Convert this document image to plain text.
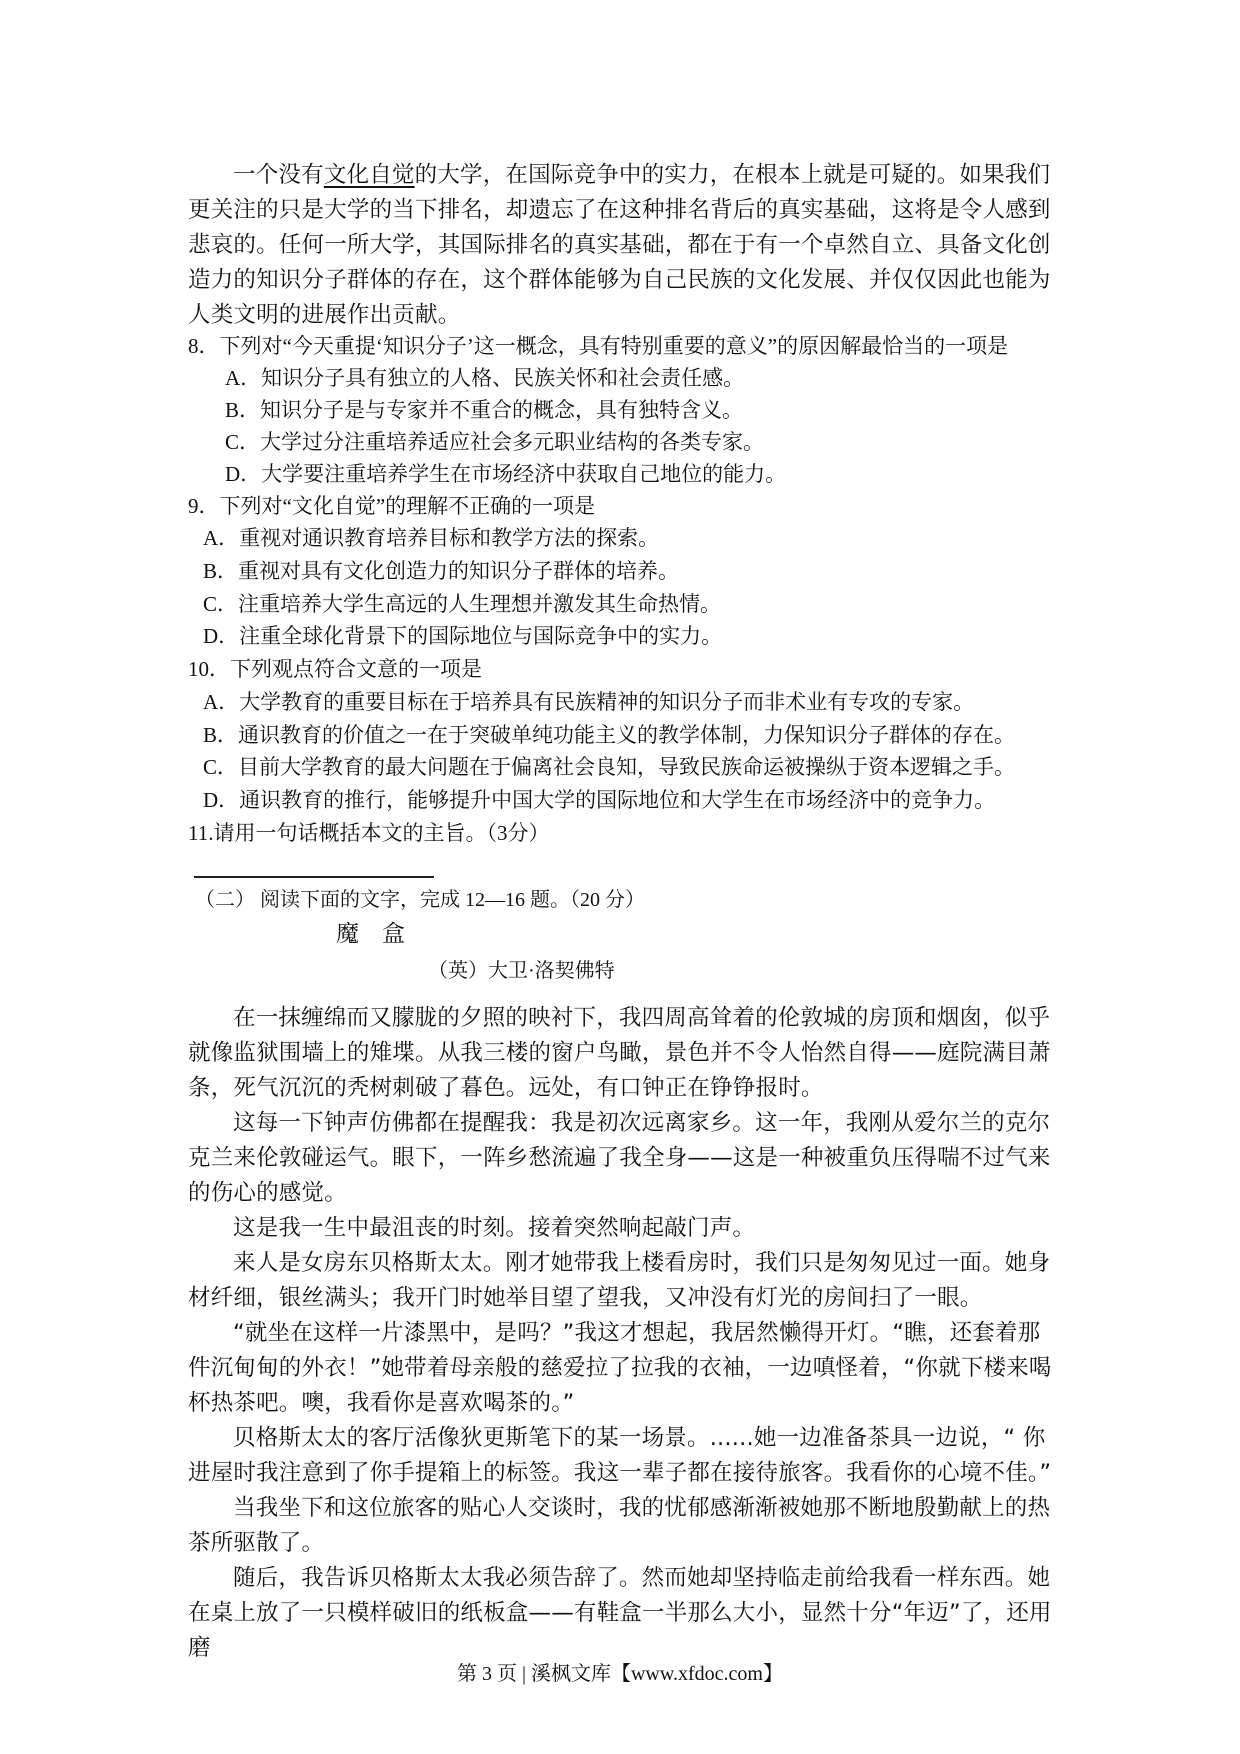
一个没有文化自觉的大学，在国际竞争中的实力，在根本上就是可疑的。如果我们更关注的只是大学的当下排名，却遗忘了在这种排名背后的真实基础，这将是令人感到悲哀的。任何一所大学，其国际排名的真实基础，都在于有一个卓然自立、具备文化创造力的知识分子群体的存在，这个群体能够为自己民族的文化发展、并仅仅因此也能为人类文明的进展作出贡献。

8．下列对“今天重提‘知识分子’这一概念，具有特别重要的意义”的原因解最恰当的一项是
A．知识分子具有独立的人格、民族关怀和社会责任感。
B．知识分子是与专家并不重合的概念，具有独特含义。
C．大学过分注重培养适应社会多元职业结构的各类专家。
D．大学要注重培养学生在市场经济中获取自己地位的能力。
9．下列对“文化自觉”的理解不正确的一项是
A．重视对通识教育培养目标和教学方法的探索。
B．重视对具有文化创造力的知识分子群体的培养。
C．注重培养大学生高远的人生理想并激发其生命热情。
D．注重全球化背景下的国际地位与国际竞争中的实力。
10．下列观点符合文意的一项是
A．大学教育的重要目标在于培养具有民族精神的知识分子而非术业有专攻的专家。
B．通识教育的价值之一在于突破单纯功能主义的教学体制，力保知识分子群体的存在。
C．目前大学教育的最大问题在于偏离社会良知，导致民族命运被操纵于资本逻辑之手。
D．通识教育的推行，能够提升中国大学的国际地位和大学生在市场经济中的竞争力。
11.请用一句话概括本文的主旨。（3分）
（二） 阅读下面的文字，完成 12—16 题。（20 分）
魔　盒
（英）大卫·洛契佛特

在一抹缠绵而又朦胧的夕照的映衬下，我四周高耸着的伦敦城的房顶和烟囱，似乎就像监狱围墙上的雉堞。从我三楼的窗户鸟瞰，景色并不令人怡然自得——庭院满目萧条，死气沉沉的秃树刺破了暮色。远处，有口钟正在铮铮报时。

这每一下钟声仿佛都在提醒我：我是初次远离家乡。这一年，我刚从爱尔兰的克尔克兰来伦敦碰运气。眼下，一阵乡愁流遍了我全身——这是一种被重负压得喘不过气来的伤心的感觉。

这是我一生中最沮丧的时刻。接着突然响起敲门声。

来人是女房东贝格斯太太。刚才她带我上楼看房时，我们只是匆匆见过一面。她身材纤细，银丝满头；我开门时她举目望了望我，又冲没有灯光的房间扫了一眼。

“就坐在这样一片漆黑中，是吗？”我这才想起，我居然懒得开灯。“瞧，还套着那件沉甸甸的外衣！”她带着母亲般的慈爱拉了拉我的衣袖，一边嗔怪着，“你就下楼来喝杯热茶吧。噢，我看你是喜欢喝茶的。”

贝格斯太太的客厅活像狄更斯笔下的某一场景。......她一边准备茶具一边说，“ 你进屋时我注意到了你手提箱上的标签。我这一辈子都在接待旅客。我看你的心境不佳。”

当我坐下和这位旅客的贴心人交谈时，我的忧郁感渐渐被她那不断地殷勤献上的热茶所驱散了。

随后，我告诉贝格斯太太我必须告辞了。然而她却坚持临走前给我看一样东西。她在桌上放了一只模样破旧的纸板盒——有鞋盒一半那么大小，显然十分“年迈”了，还用磨

第 3 页 | 溪枫文库【www.xfdoc.com】
